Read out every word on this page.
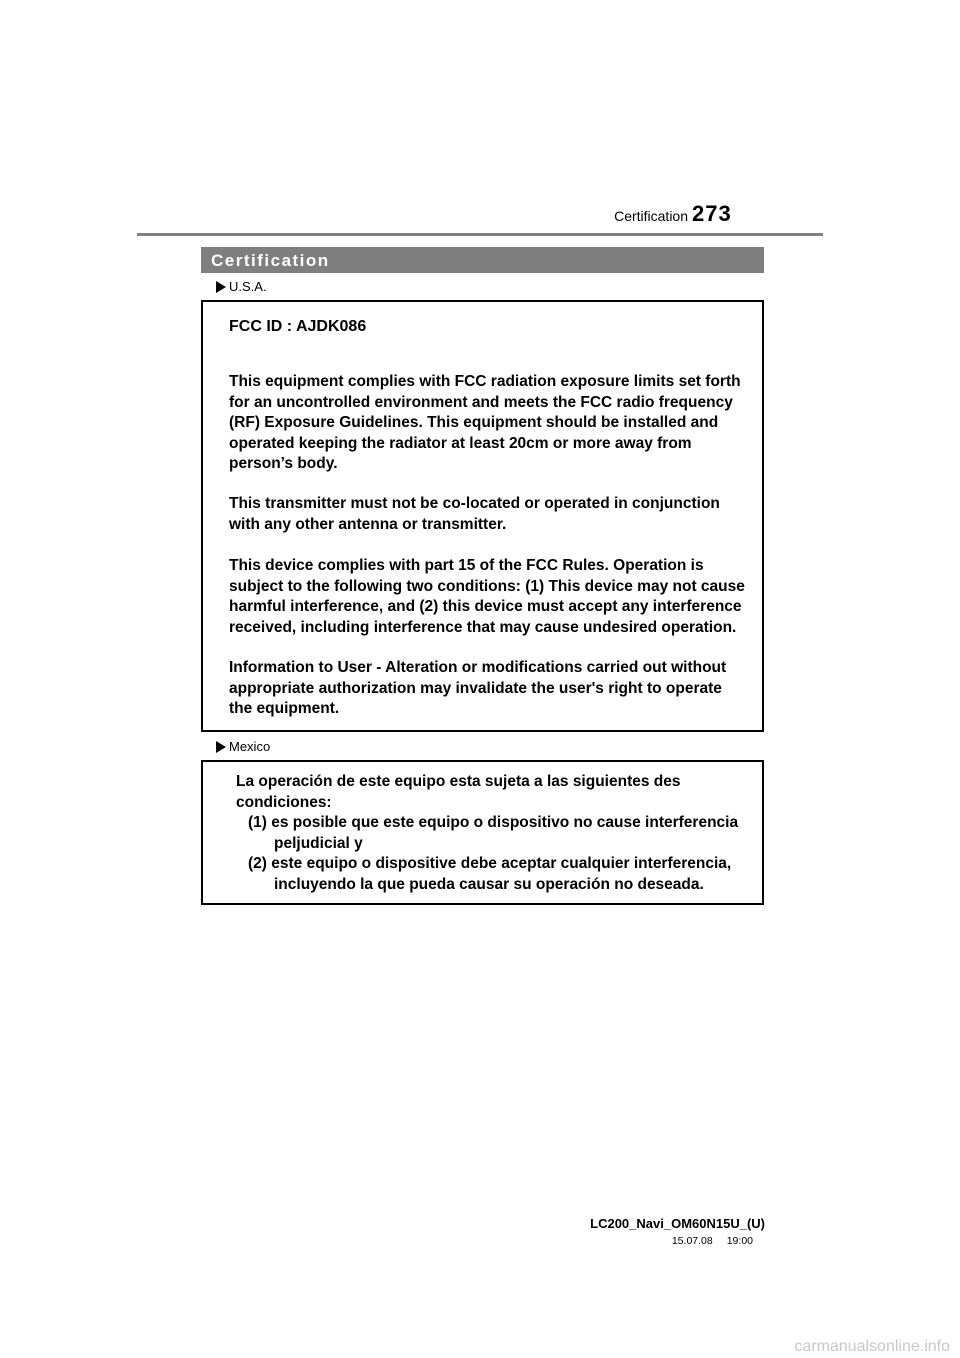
Certification 273
Certification
U.S.A.
FCC ID : AJDK086
This equipment complies with FCC radiation exposure limits set forth for an uncontrolled environment and meets the FCC radio frequency (RF) Exposure Guidelines. This equipment should be installed and operated keeping the radiator at least 20cm or more away from person’s body.
This transmitter must not be co-located or operated in conjunction with any other antenna or transmitter.
This device complies with part 15 of the FCC Rules. Operation is subject to the following two conditions: (1) This device may not cause harmful interference, and (2) this device must accept any interference received, including interference that may cause undesired operation.
Information to User - Alteration or modifications carried out without appropriate authorization may invalidate the user's right to operate the equipment.
Mexico
La operación de este equipo esta sujeta a las siguientes des condiciones:
(1) es posible que este equipo o dispositivo no cause interferencia
peljudicial y
(2) este equipo o dispositive debe aceptar cualquier interferencia,
incluyendo la que pueda causar su operación no deseada.
LC200_Navi_OM60N15U_(U)
15.07.08 19:00
carmanualsonline.info
